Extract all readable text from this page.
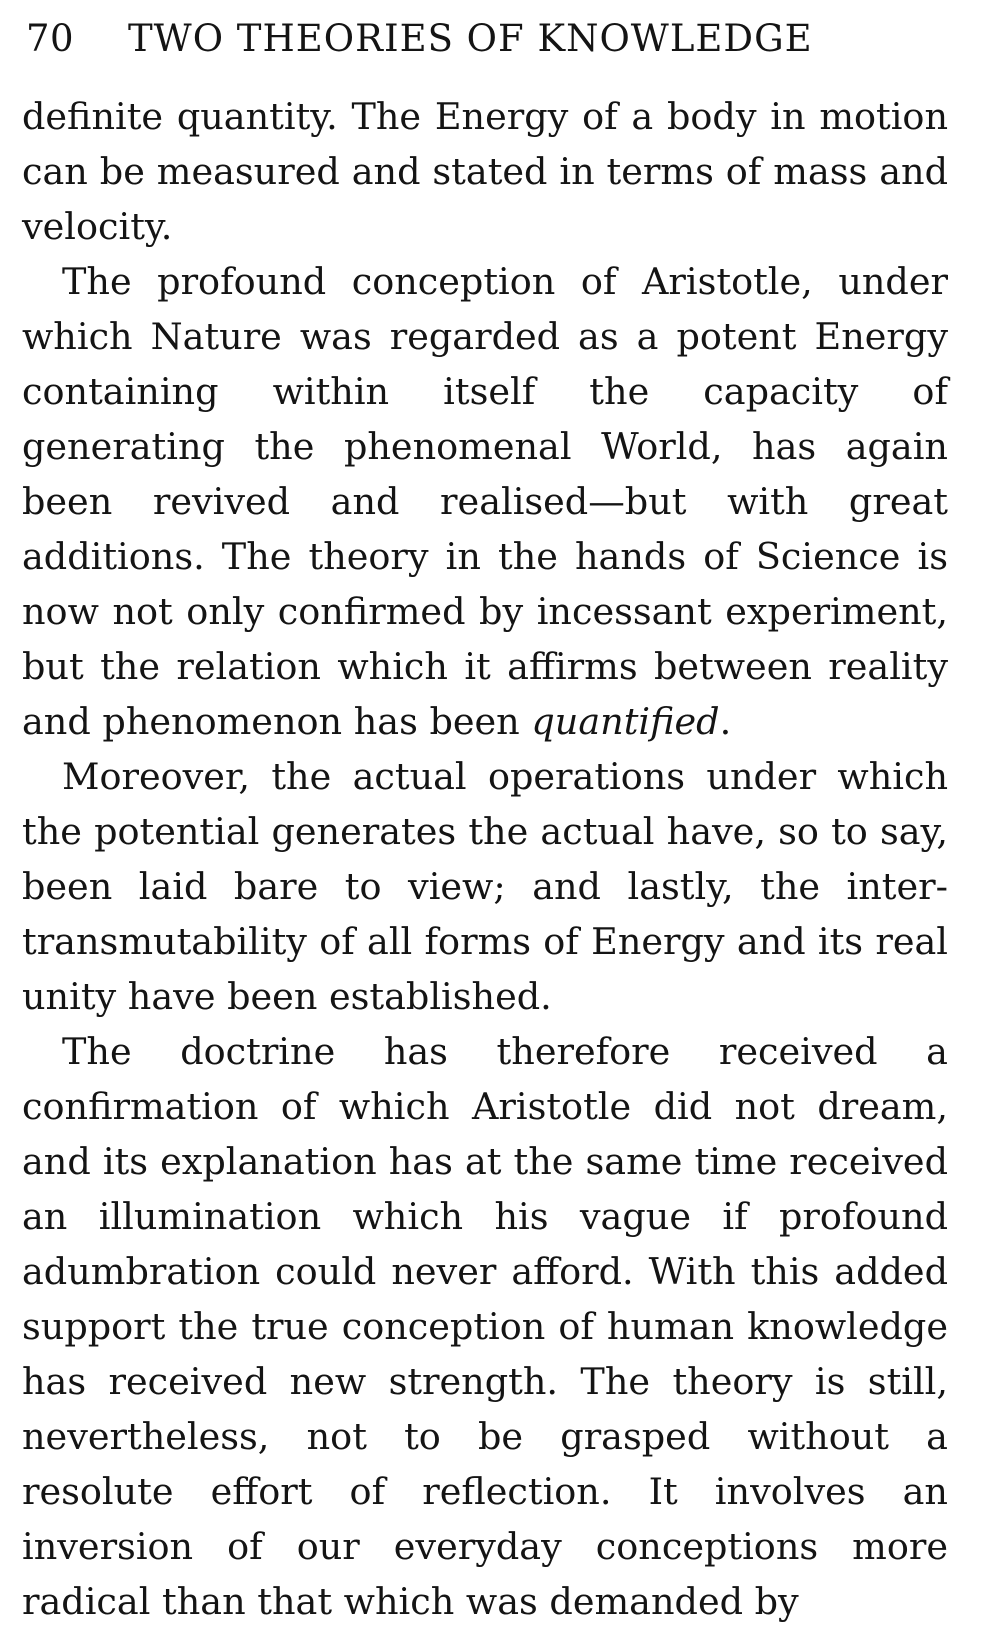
70 TWO THEORIES OF KNOWLEDGE

definite quantity. The Energy of a body in motion can be measured and stated in terms of mass and velocity.

The profound conception of Aristotle, under which Nature was regarded as a potent Energy containing within itself the capacity of generating the phenomenal World, has again been revived and realised—but with great additions. The theory in the hands of Science is now not only confirmed by incessant experiment, but the relation which it affirms between reality and phenomenon has been quantified.

Moreover, the actual operations under which the potential generates the actual have, so to say, been laid bare to view; and lastly, the inter-transmutability of all forms of Energy and its real unity have been established.

The doctrine has therefore received a confirmation of which Aristotle did not dream, and its explanation has at the same time received an illumination which his vague if profound adumbration could never afford. With this added support the true conception of human knowledge has received new strength. The theory is still, nevertheless, not to be grasped without a resolute effort of reflection. It involves an inversion of our everyday conceptions more radical than that which was demanded by
